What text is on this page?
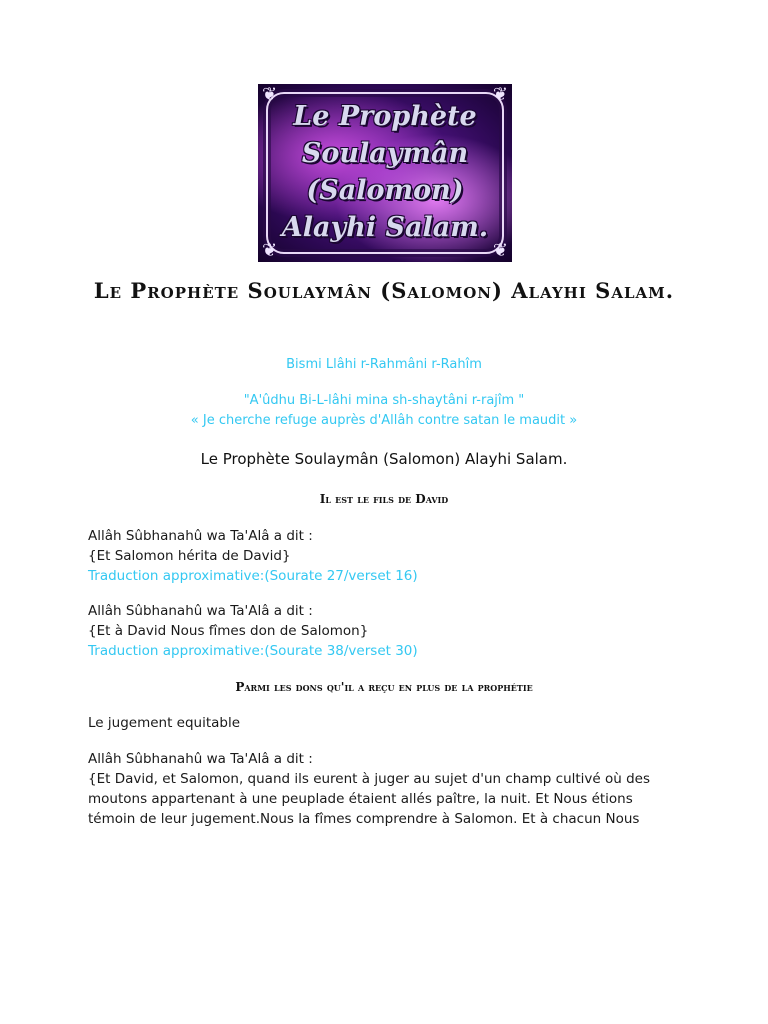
❦	❦
❦	❦
Le Prophète
Soulaymân
(Salomon)
Alayhi Salam.
Le Prophète Soulaymân (Salomon) Alayhi Salam.
Bismi Llâhi r-Rahmâni r-Rahîm
"A'ûdhu Bi-L-lâhi mina sh-shaytâni r-rajîm "
« Je cherche refuge auprès d'Allâh contre satan le maudit »
Le Prophète Soulaymân (Salomon) Alayhi Salam.
Il est le fils de David
Allâh Sûbhanahû wa Ta'Alâ a dit :
{Et Salomon hérita de David}
Traduction approximative:(Sourate 27/verset 16)
Allâh Sûbhanahû wa Ta'Alâ a dit :
{Et à David Nous fîmes don de Salomon}
Traduction approximative:(Sourate 38/verset 30)
Parmi les dons qu'il a reçu en plus de la prophétie
Le jugement equitable
Allâh Sûbhanahû wa Ta'Alâ a dit :
{Et David, et Salomon, quand ils eurent à juger au sujet d'un champ cultivé où des
moutons appartenant à une peuplade étaient allés paître, la nuit. Et Nous étions
témoin de leur jugement.Nous la fîmes comprendre à Salomon. Et à chacun Nous
